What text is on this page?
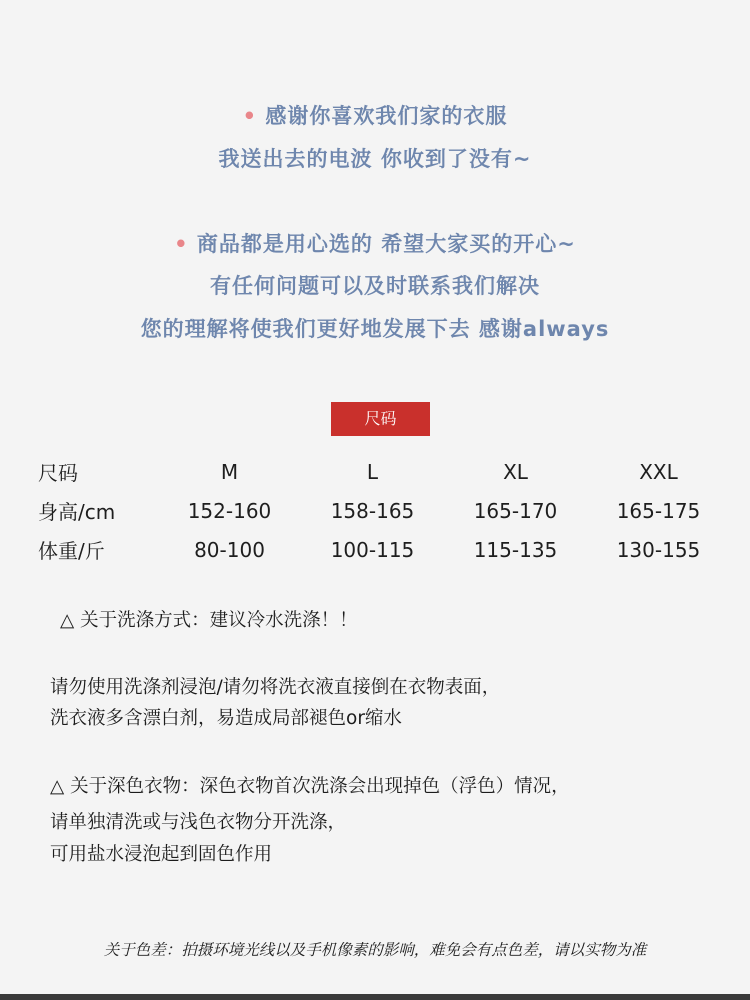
• 感谢你喜欢我们家的衣服
我送出去的电波 你收到了没有~
• 商品都是用心选的 希望大家买的开心~
有任何问题可以及时联系我们解决
您的理解将使我们更好地发展下去 感谢always
尺码
尺码	M	L	XL	XXL
身高/cm	152-160	158-165	165-170	165-175
体重/斤	80-100	100-115	115-135	130-155
△ 关于洗涤方式：建议冷水洗涤！！
请勿使用洗涤剂浸泡/请勿将洗衣液直接倒在衣物表面，
洗衣液多含漂白剂，易造成局部褪色or缩水
△ 关于深色衣物：深色衣物首次洗涤会出现掉色（浮色）情况，
请单独清洗或与浅色衣物分开洗涤，
可用盐水浸泡起到固色作用
关于色差：拍摄环境光线以及手机像素的影响，难免会有点色差，请以实物为准
